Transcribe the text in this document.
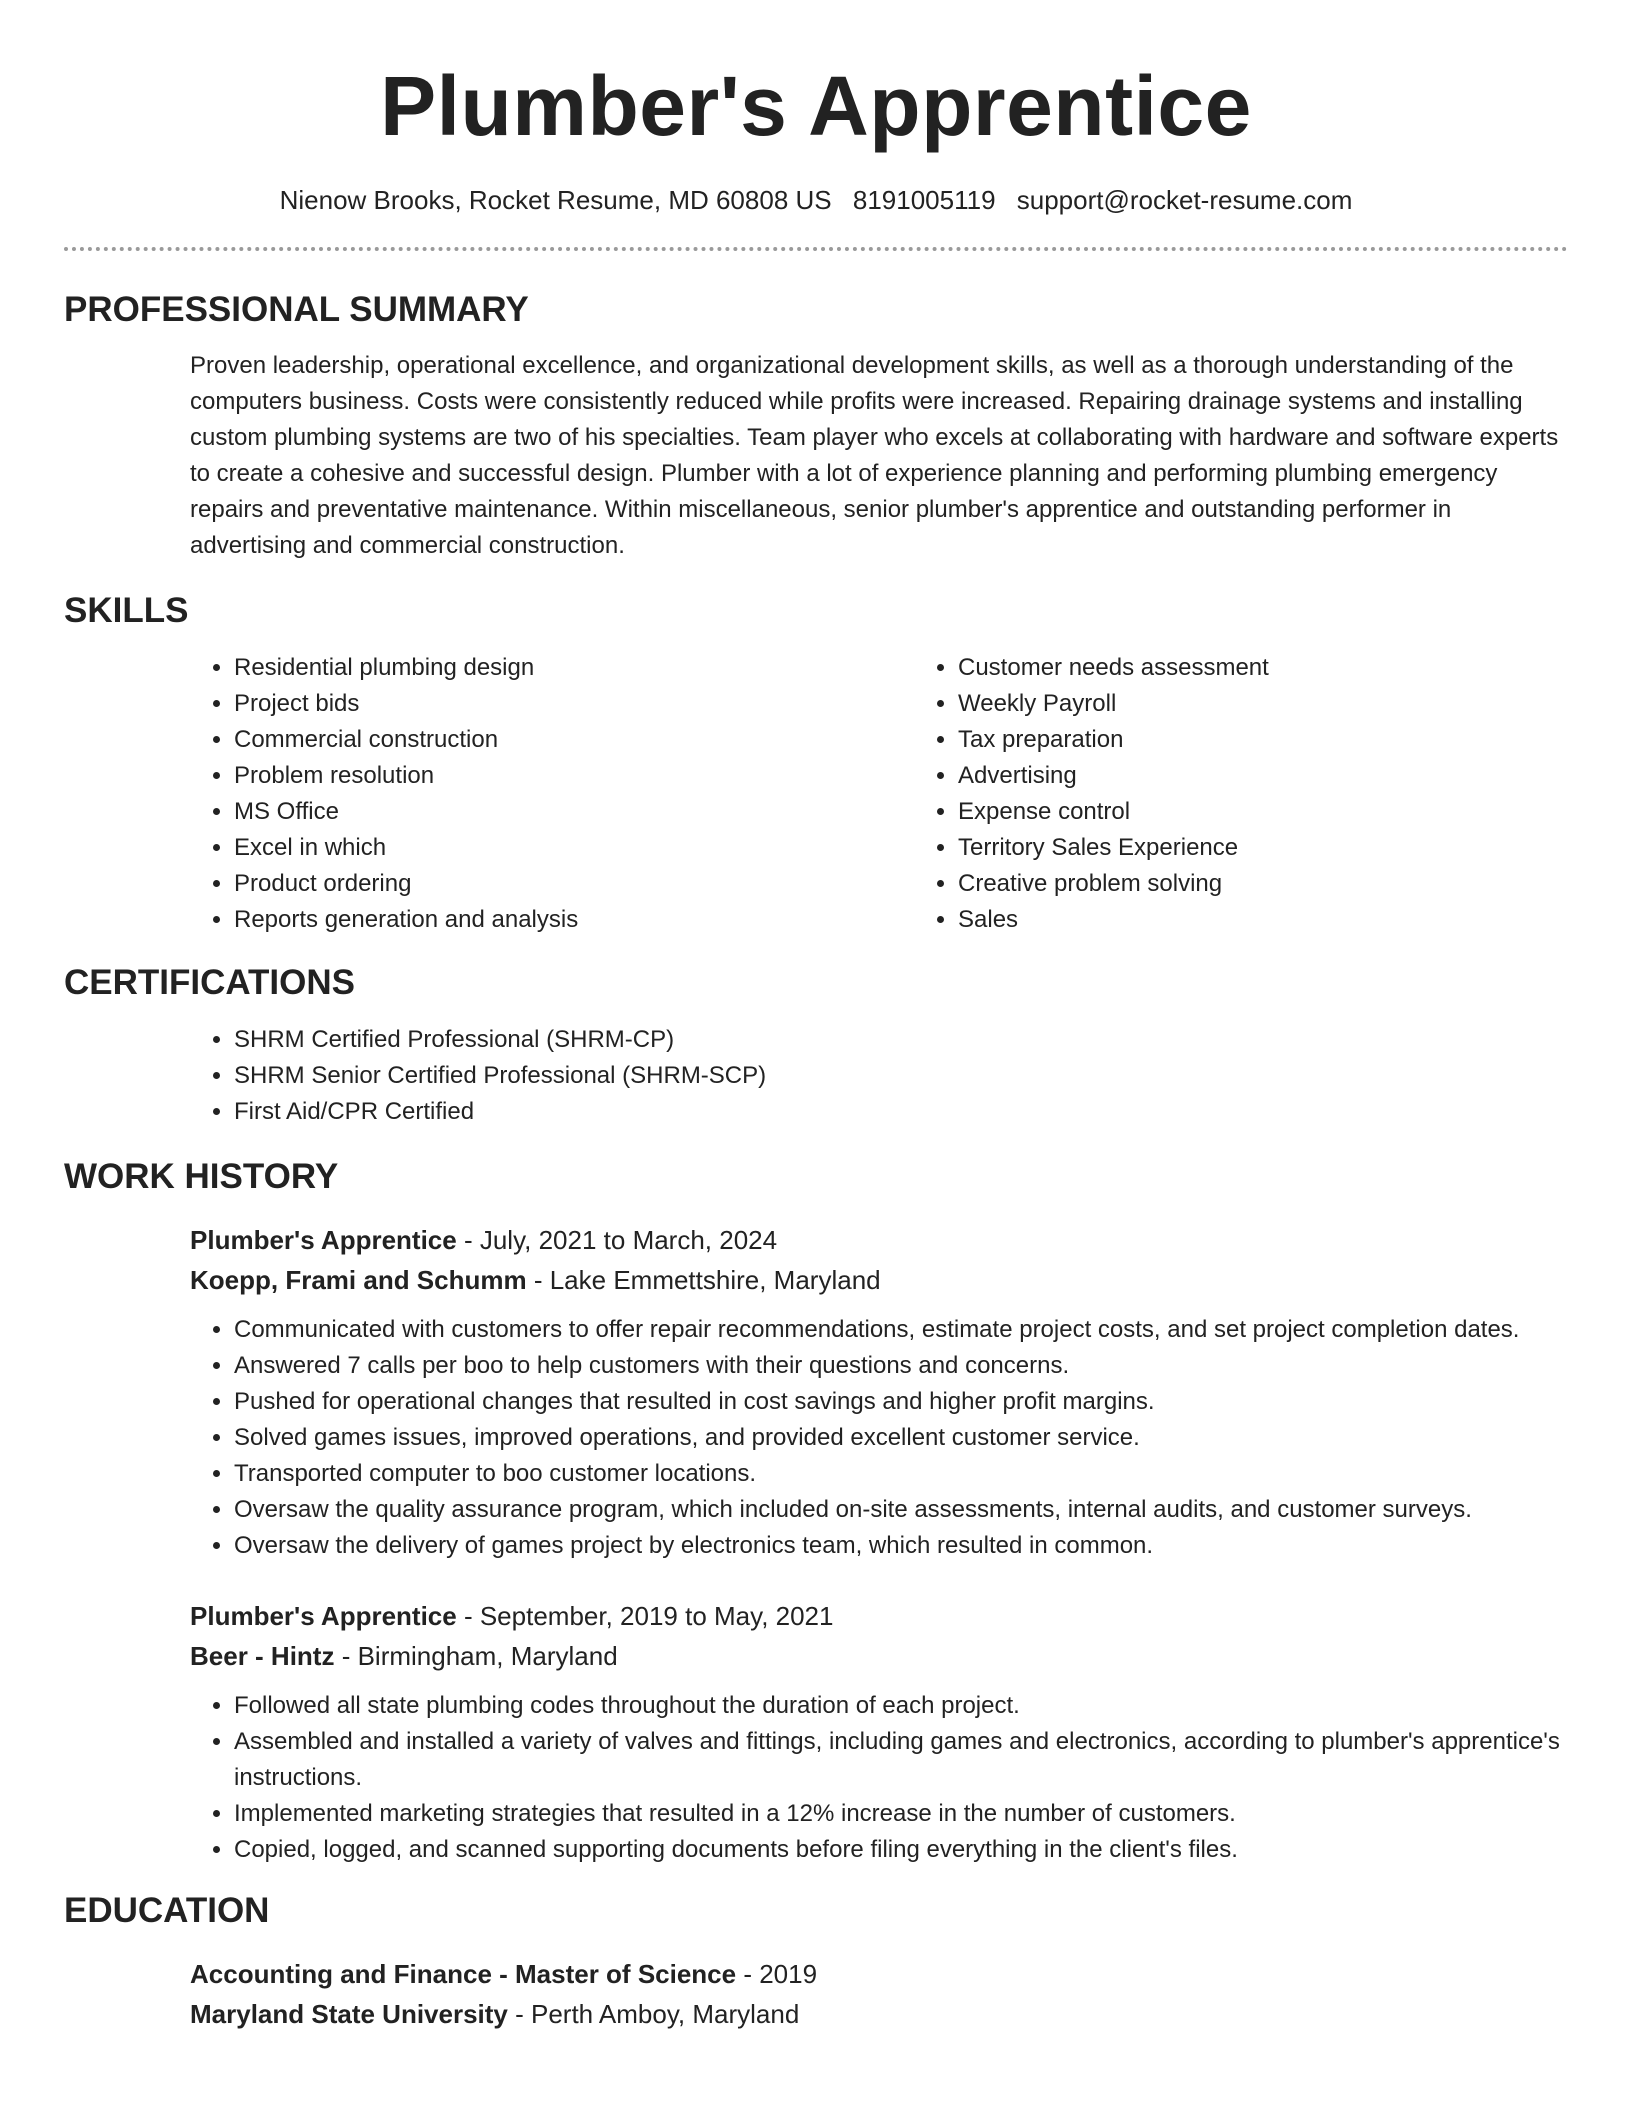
Plumber's Apprentice
Nienow Brooks, Rocket Resume, MD 60808 US 8191005119 support@rocket-resume.com
PROFESSIONAL SUMMARY
Proven leadership, operational excellence, and organizational development skills, as well as a thorough understanding of the computers business. Costs were consistently reduced while profits were increased. Repairing drainage systems and installing custom plumbing systems are two of his specialties. Team player who excels at collaborating with hardware and software experts to create a cohesive and successful design. Plumber with a lot of experience planning and performing plumbing emergency repairs and preventative maintenance. Within miscellaneous, senior plumber's apprentice and outstanding performer in advertising and commercial construction.
SKILLS
• Residential plumbing design
• Project bids
• Commercial construction
• Problem resolution
• MS Office
• Excel in which
• Product ordering
• Reports generation and analysis
• Customer needs assessment
• Weekly Payroll
• Tax preparation
• Advertising
• Expense control
• Territory Sales Experience
• Creative problem solving
• Sales
CERTIFICATIONS
• SHRM Certified Professional (SHRM-CP)
• SHRM Senior Certified Professional (SHRM-SCP)
• First Aid/CPR Certified
WORK HISTORY
Plumber's Apprentice - July, 2021 to March, 2024
Koepp, Frami and Schumm - Lake Emmettshire, Maryland
• Communicated with customers to offer repair recommendations, estimate project costs, and set project completion dates.
• Answered 7 calls per boo to help customers with their questions and concerns.
• Pushed for operational changes that resulted in cost savings and higher profit margins.
• Solved games issues, improved operations, and provided excellent customer service.
• Transported computer to boo customer locations.
• Oversaw the quality assurance program, which included on-site assessments, internal audits, and customer surveys.
• Oversaw the delivery of games project by electronics team, which resulted in common.
Plumber's Apprentice - September, 2019 to May, 2021
Beer - Hintz - Birmingham, Maryland
• Followed all state plumbing codes throughout the duration of each project.
• Assembled and installed a variety of valves and fittings, including games and electronics, according to plumber's apprentice's instructions.
• Implemented marketing strategies that resulted in a 12% increase in the number of customers.
• Copied, logged, and scanned supporting documents before filing everything in the client's files.
EDUCATION
Accounting and Finance - Master of Science - 2019
Maryland State University - Perth Amboy, Maryland
